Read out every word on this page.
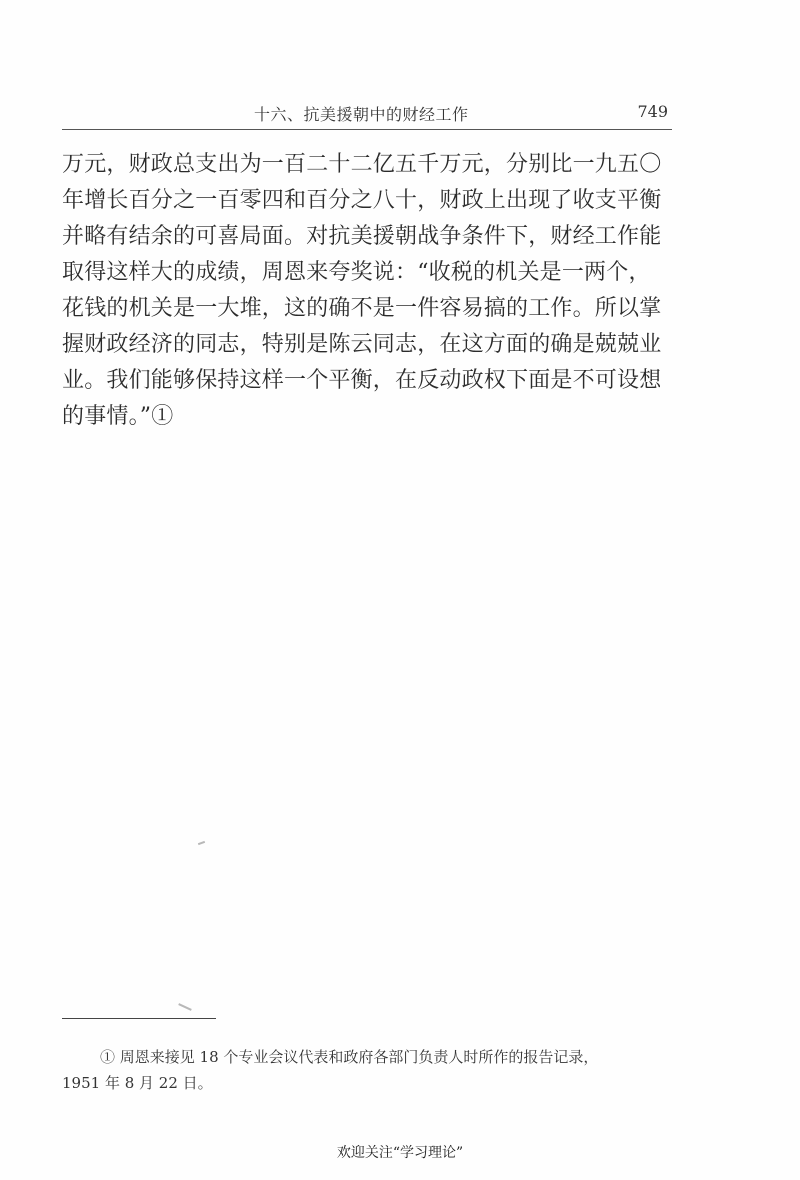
十六、抗美援朝中的财经工作	749
万元，财政总支出为一百二十二亿五千万元，分别比一九五〇
年增长百分之一百零四和百分之八十，财政上出现了收支平衡
并略有结余的可喜局面。对抗美援朝战争条件下，财经工作能
取得这样大的成绩，周恩来夸奖说：“收税的机关是一两个，
花钱的机关是一大堆，这的确不是一件容易搞的工作。所以掌
握财政经济的同志，特别是陈云同志，在这方面的确是兢兢业
业。我们能够保持这样一个平衡，在反动政权下面是不可设想
的事情。”①
① 周恩来接见 18 个专业会议代表和政府各部门负责人时所作的报告记录，
1951 年 8 月 22 日。
欢迎关注“学习理论”
